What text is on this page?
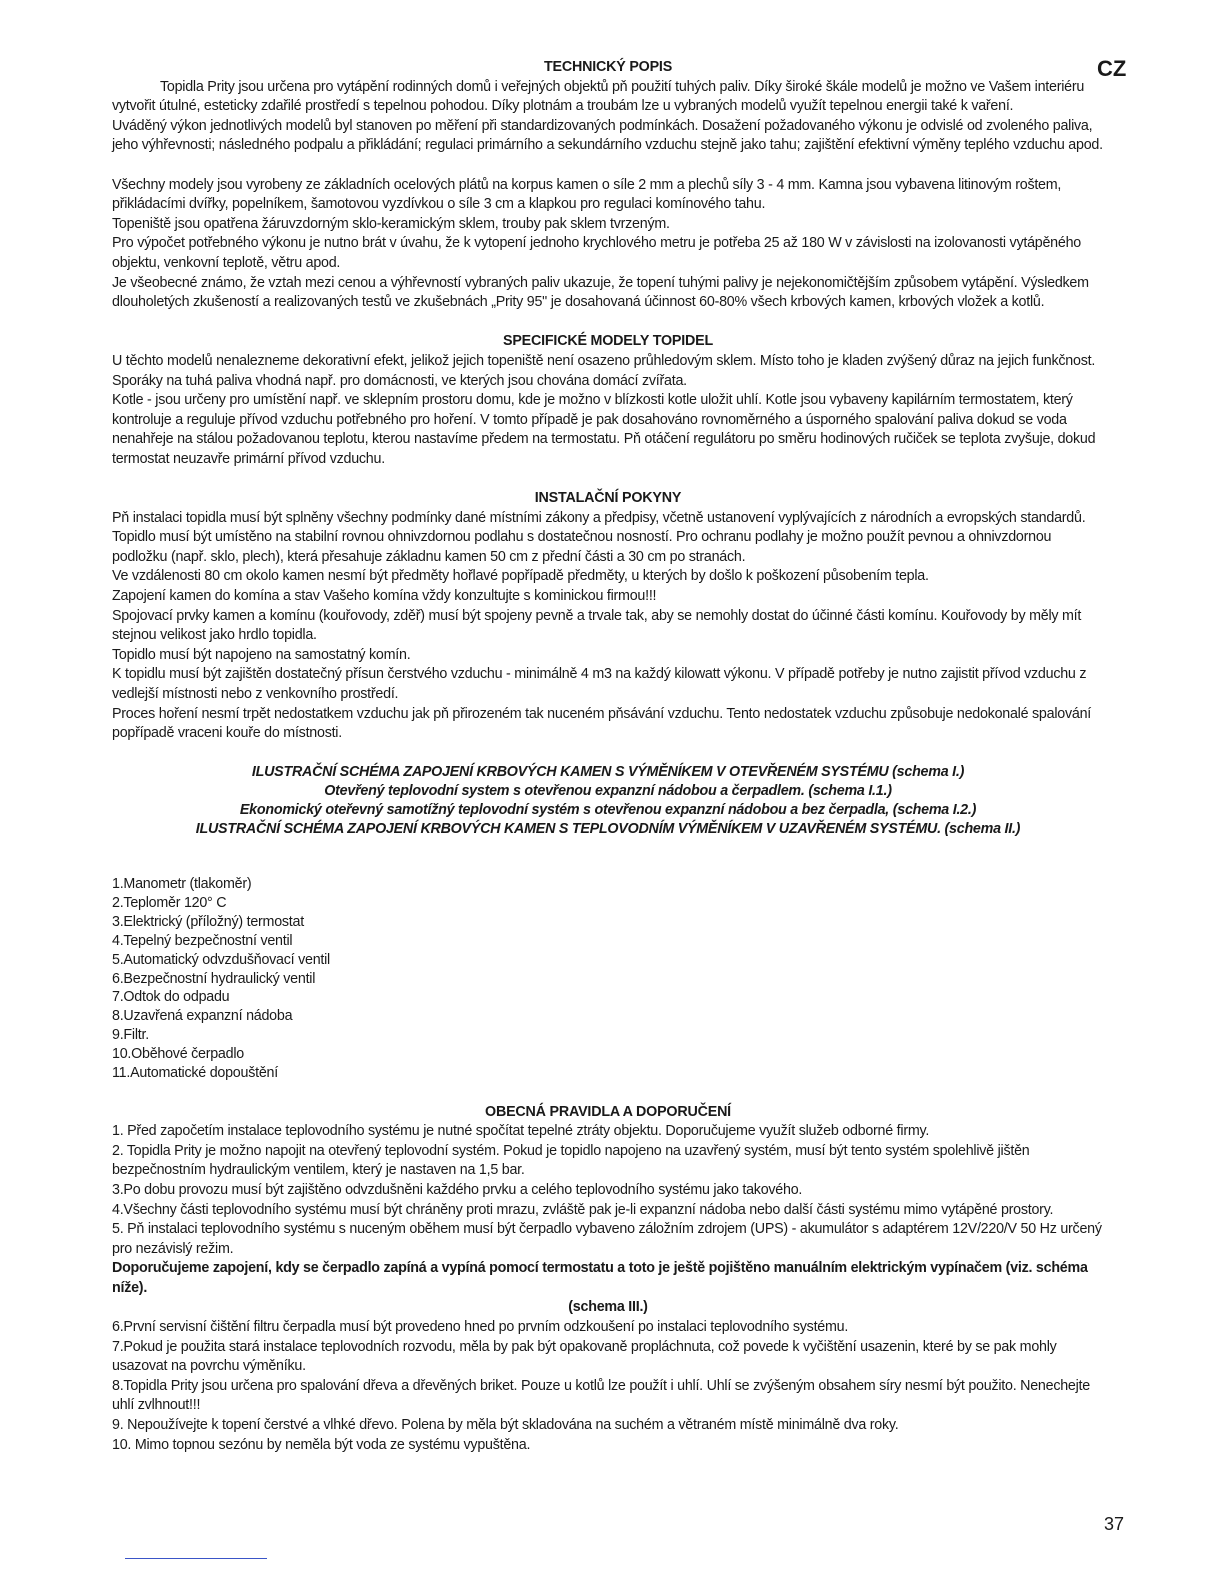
CZ
TECHNICKÝ POPIS

Topidla Prity jsou určena pro vytápění rodinných domů i veřejných objektů pň použití tuhých paliv. Díky široké škále modelů je možno ve Vašem interiéru vytvořit útulné, esteticky zdařilé prostředí s tepelnou pohodou. Díky plotnám a troubám lze u vybraných modelů využít tepelnou energii také k vaření.

Uváděný výkon jednotlivých modelů byl stanoven po měření při standardizovaných podmínkách. Dosažení požadovaného výkonu je odvislé od zvoleného paliva, jeho výhřevnosti; následného podpalu a přikládání; regulaci primárního a sekundárního vzduchu stejně jako tahu; zajištění efektivní výměny teplého vzduchu apod.

Všechny modely jsou vyrobeny ze základních ocelových plátů na korpus kamen o síle 2 mm a plechů síly 3 - 4 mm. Kamna jsou vybavena litinovým roštem, přikládacími dvířky, popelníkem, šamotovou vyzdívkou o síle 3 cm a klapkou pro regulaci komínového tahu.

Topeniště jsou opatřena žáruvzdorným sklo-keramickým sklem, trouby pak sklem tvrzeným.

Pro výpočet potřebného výkonu je nutno brát v úvahu, že k vytopení jednoho krychlového metru je potřeba 25 až 180 W v závislosti na izolovanosti vytápěného objektu, venkovní teplotě, větru apod.

Je všeobecné známo, že vztah mezi cenou a výhřevností vybraných paliv ukazuje, že topení tuhými palivy je nejekonomičtějším způsobem vytápění. Výsledkem dlouholetých zkušeností a realizovaných testů ve zkušebnách „Prity 95" je dosahovaná účinnost 60-80% všech krbových kamen, krbových vložek a kotlů.

SPECIFICKÉ MODELY TOPIDEL

U těchto modelů nenalezneme dekorativní efekt, jelikož jejich topeniště není osazeno průhledovým sklem. Místo toho je kladen zvýšený důraz na jejich funkčnost.

Sporáky na tuhá paliva vhodná např. pro domácnosti, ve kterých jsou chována domácí zvířata.

Kotle - jsou určeny pro umístění např. ve sklepním prostoru domu, kde je možno v blízkosti kotle uložit uhlí. Kotle jsou vybaveny kapilárním termostatem, který kontroluje a reguluje přívod vzduchu potřebného pro hoření. V tomto případě je pak dosahováno rovnoměrného a úsporného spalování paliva dokud se voda nenahřeje na stálou požadovanou teplotu, kterou nastavíme předem na termostatu. Pň otáčení regulátoru po směru hodinových ručiček se teplota zvyšuje, dokud termostat neuzavře primární přívod vzduchu.

INSTALAČNÍ POKYNY

Pň instalaci topidla musí být splněny všechny podmínky dané místními zákony a předpisy, včetně ustanovení vyplývajících z národních a evropských standardů.

Topidlo musí být umístěno na stabilní rovnou ohnivzdornou podlahu s dostatečnou nosností. Pro ochranu podlahy je možno použít pevnou a ohnivzdornou podložku (např. sklo, plech), která přesahuje základnu kamen 50 cm z přední části a 30 cm po stranách.

Ve vzdálenosti 80 cm okolo kamen nesmí být předměty hořlavé popřípadě předměty, u kterých by došlo k poškození působením tepla.

Zapojení kamen do komína a stav Vašeho komína vždy konzultujte s kominickou firmou!!!

Spojovací prvky kamen a komínu (kouřovody, zděř) musí být spojeny pevně a trvale tak, aby se nemohly dostat do účinné části komínu. Kouřovody by měly mít stejnou velikost jako hrdlo topidla.

Topidlo musí být napojeno na samostatný komín.

K topidlu musí být zajištěn dostatečný přísun čerstvého vzduchu - minimálně 4 m3 na každý kilowatt výkonu. V případě potřeby je nutno zajistit přívod vzduchu z vedlejší místnosti nebo z venkovního prostředí.

Proces hoření nesmí trpět nedostatkem vzduchu jak pň přirozeném tak nuceném pňsávání vzduchu. Tento nedostatek vzduchu způsobuje nedokonalé spalování popřípadě vraceni kouře do místnosti.

ILUSTRAČNÍ SCHÉMA ZAPOJENÍ KRBOVÝCH KAMEN S VÝMĚNÍKEM V OTEVŘENÉM SYSTÉMU (schema I.)

Otevřený teplovodní system s otevřenou expanzní nádobou a čerpadlem. (schema I.1.)

Ekonomický oteřevný samotížný teplovodní systém s otevřenou expanzní nádobou a bez čerpadla, (schema I.2.)

ILUSTRAČNÍ SCHÉMA ZAPOJENÍ KRBOVÝCH KAMEN S TEPLOVODNÍM VÝMĚNÍKEM V UZAVŘENÉM SYSTÉMU. (schema II.)

1.Manometr (tlakoměr)
2.Teploměr 120° C
3.Elektrický (příložný) termostat
4.Tepelný bezpečnostní ventil
5.Automatický odvzdušňovací ventil
6.Bezpečnostní hydraulický ventil
7.Odtok do odpadu
8.Uzavřená expanzní nádoba
9.Filtr.
10.Oběhové čerpadlo
11.Automatické dopouštění
OBECNÁ PRAVIDLA A DOPORUČENÍ

1. Před započetím instalace teplovodního systému je nutné spočítat tepelné ztráty objektu. Doporučujeme využít služeb odborné firmy.

2. Topidla Prity je možno napojit na otevřený teplovodní systém. Pokud je topidlo napojeno na uzavřený systém, musí být tento systém spolehlivě jištěn bezpečnostním hydraulickým ventilem, který je nastaven na 1,5 bar.

3.Po dobu provozu musí být zajištěno odvzdušněni každého prvku a celého teplovodního systému jako takového.

4.Všechny části teplovodního systému musí být chráněny proti mrazu, zvláště pak je-li expanzní nádoba nebo další části systému mimo vytápěné prostory.

5. Pň instalaci teplovodního systému s nuceným oběhem musí být čerpadlo vybaveno záložním zdrojem (UPS) - akumulátor s adaptérem 12V/220/V 50 Hz určený pro nezávislý režim.

Doporučujeme zapojení, kdy se čerpadlo zapíná a vypíná pomocí termostatu a toto je ještě pojištěno manuálním elektrickým vypínačem (viz. schéma níže).

(schema III.)

6.První servisní čištění filtru čerpadla musí být provedeno hned po prvním odzkoušení po instalaci teplovodního systému.

7.Pokud je použita stará instalace teplovodních rozvodu, měla by pak být opakovaně propláchnuta, což povede k vyčištění usazenin, které by se pak mohly usazovat na povrchu výměníku.

8.Topidla Prity jsou určena pro spalování dřeva a dřevěných briket. Pouze u kotlů lze použít i uhlí. Uhlí se zvýšeným obsahem síry nesmí být použito. Nenechejte uhlí zvlhnout!!!

9. Nepoužívejte k topení čerstvé a vlhké dřevo. Polena by měla být skladována na suchém a větraném místě minimálně dva roky.

10. Mimo topnou sezónu by neměla být voda ze systému vypuštěna.

37
